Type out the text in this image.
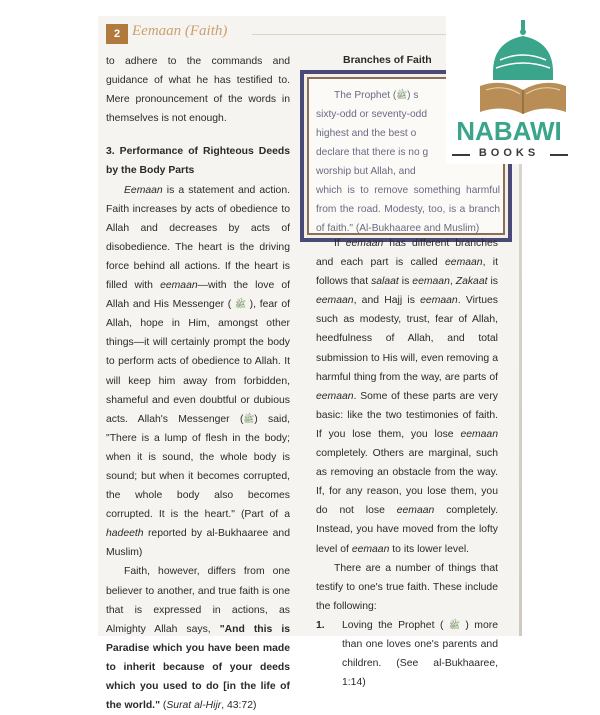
2 Eemaan (Faith)

to adhere to the commands and guidance of what he has testified to. Mere pronouncement of the words in themselves is not enough.

3. Performance of Righteous Deeds by the Body Parts

Eemaan is a statement and action. Faith increases by acts of obedience to Allah and decreases by acts of disobedience. The heart is the driving force behind all actions. If the heart is filled with eemaan—with the love of Allah and His Messenger ( ﷺ ), fear of Allah, hope in Him, amongst other things—it will certainly prompt the body to perform acts of obedience to Allah. It will keep him away from forbidden, shameful and even doubtful or dubious acts. Allah's Messenger (ﷺ) said, "There is a lump of flesh in the body; when it is sound, the whole body is sound; but when it becomes corrupted, the whole body also becomes corrupted. It is the heart." (Part of a hadeeth reported by al-Bukhaaree and Muslim)

Faith, however, differs from one believer to another, and true faith is one that is expressed in actions, as Almighty Allah says, "And this is Paradise which you have been made to inherit because of your deeds which you used to do [in the life of the world." (Surat al-Hijr, 43:72)

Branches of Faith

The Prophet (ﷺ) s

sixty-odd or seventy-odd

highest and the best o

declare that there is no g

worship but Allah, and

which is to remove something harmful from the road. Modesty, too, is a branch of faith." (Al-Bukhaaree and Muslim)

If eemaan has different branches and each part is called eemaan, it follows that salaat is eemaan, Zakaat is eemaan, and Hajj is eemaan. Virtues such as modesty, trust, fear of Allah, heedfulness of Allah, and total submission to His will, even removing a harmful thing from the way, are parts of eemaan. Some of these parts are very basic: like the two testimonies of faith. If you lose them, you lose eemaan completely. Others are marginal, such as removing an obstacle from the way. If, for any reason, you lose them, you do not lose eemaan completely. Instead, you have moved from the lofty level of eemaan to its lower level.

There are a number of things that testify to one's true faith. These include the following:

1. Loving the Prophet ( ﷺ ) more than one loves one's parents and children. (See al-Bukhaaree, 1:14)

NABAWI
BOOKS
